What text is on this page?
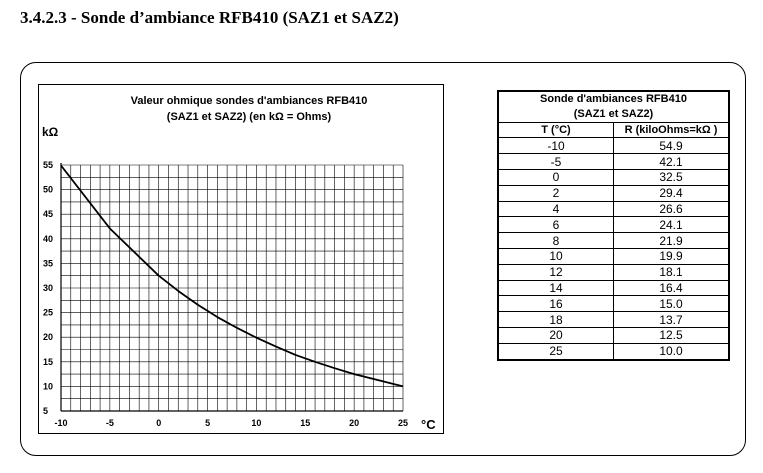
3.4.2.3 - Sonde d’ambiance RFB410 (SAZ1 et SAZ2)
Valeur ohmique sondes d'ambiances RFB410
(SAZ1 et SAZ2) (en kΩ = Ohms)
kΩ
5
10
15
20
25
30
35
40
45
50
55
-10	-5	0	5	10	15	20	25 °C
Sonde d'ambiances RFB410	
(SAZ1 et SAZ2)	
T (°C)	R (kiloOhms=kΩ )
-10	54.9
-5	42.1
0	32.5
2	29.4
4	26.6
6	24.1
8	21.9
10	19.9
12	18.1
14	16.4
16	15.0
18	13.7
20	12.5
25	10.0
